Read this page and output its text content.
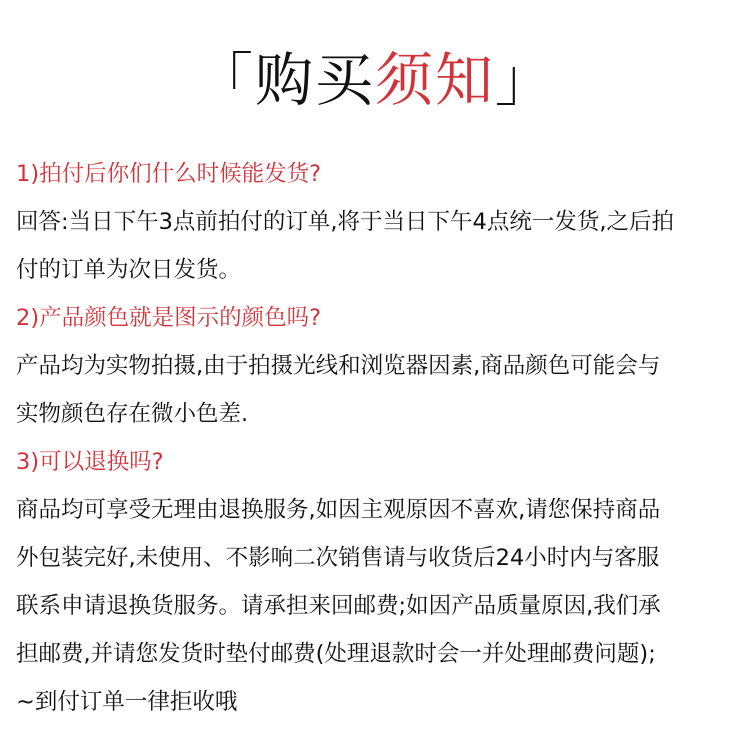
「购买须知」
1)拍付后你们什么时候能发货?
回答:当日下午3点前拍付的订单,将于当日下午4点统一发货,之后拍
付的订单为次日发货。
2)产品颜色就是图示的颜色吗?
产品均为实物拍摄,由于拍摄光线和浏览器因素,商品颜色可能会与
实物颜色存在微小色差.
3)可以退换吗?
商品均可享受无理由退换服务,如因主观原因不喜欢,请您保持商品
外包装完好,未使用、不影响二次销售请与收货后24小时内与客服
联系申请退换货服务。请承担来回邮费;如因产品质量原因,我们承
担邮费,并请您发货时垫付邮费(处理退款时会一并处理邮费问题);
~到付订单一律拒收哦
